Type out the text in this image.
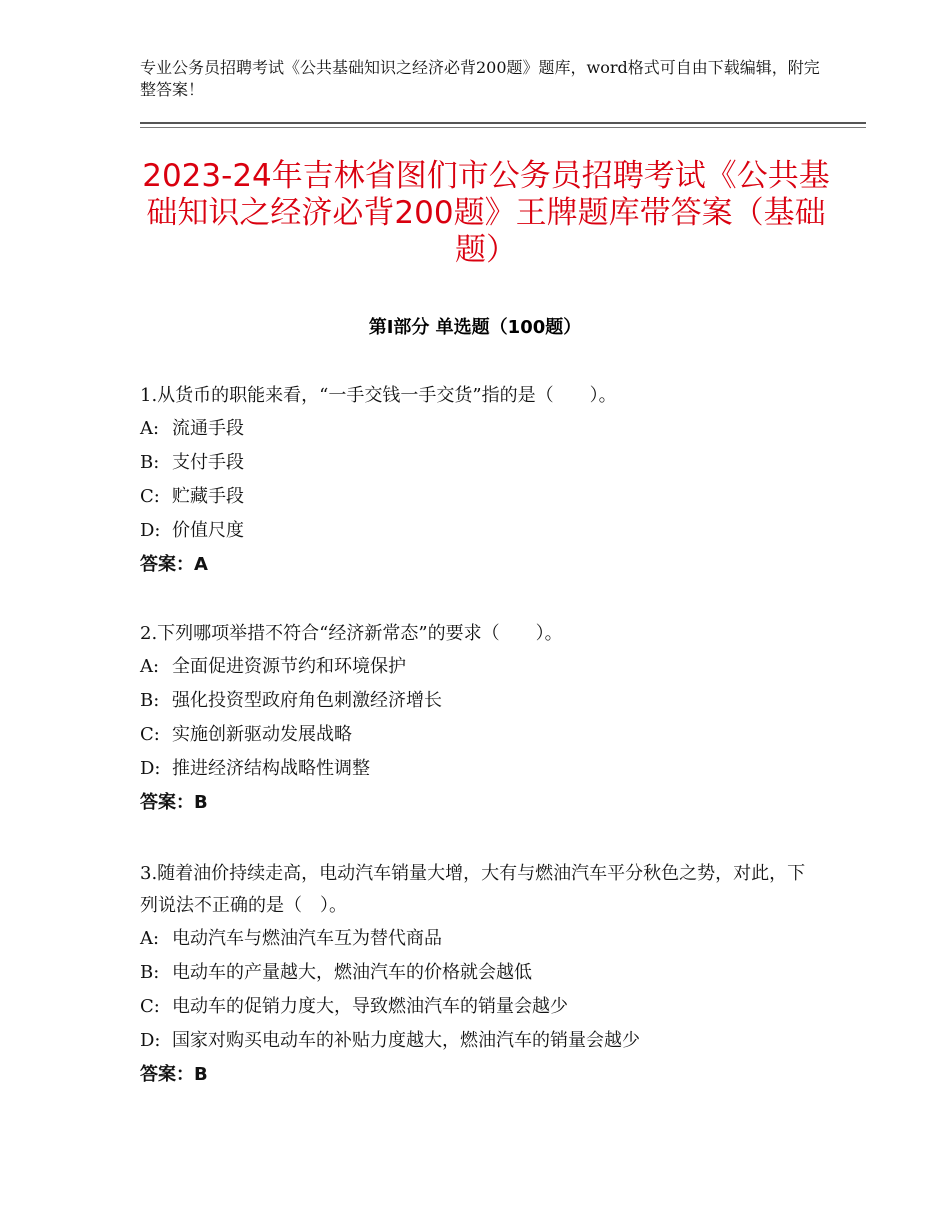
专业公务员招聘考试《公共基础知识之经济必背200题》题库，word格式可自由下载编辑，附完整答案！
2023-24年吉林省图们市公务员招聘考试《公共基础知识之经济必背200题》王牌题库带答案（基础题）
第Ⅰ部分 单选题（100题）

1.从货币的职能来看，“一手交钱一手交货”指的是（　　）。

A: 流通手段

B: 支付手段

C: 贮藏手段

D: 价值尺度

答案：A

2.下列哪项举措不符合“经济新常态”的要求（　　）。

A: 全面促进资源节约和环境保护

B: 强化投资型政府角色刺激经济增长

C: 实施创新驱动发展战略

D: 推进经济结构战略性调整

答案：B

3.随着油价持续走高，电动汽车销量大增，大有与燃油汽车平分秋色之势，对此，下列说法不正确的是（　）。

A: 电动汽车与燃油汽车互为替代商品

B: 电动车的产量越大，燃油汽车的价格就会越低

C: 电动车的促销力度大，导致燃油汽车的销量会越少

D: 国家对购买电动车的补贴力度越大，燃油汽车的销量会越少

答案：B
